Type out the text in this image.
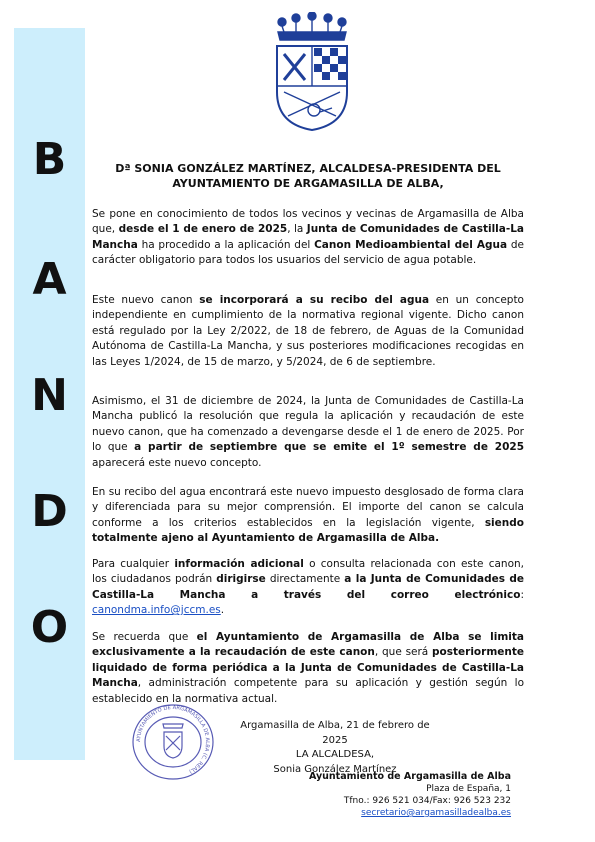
B
A
N
D
O
Dª SONIA GONZÁLEZ MARTÍNEZ, ALCALDESA-PRESIDENTA DEL
AYUNTAMIENTO DE ARGAMASILLA DE ALBA,

Se pone en conocimiento de todos los vecinos y vecinas de Argamasilla de Alba que, desde el 1 de enero de 2025, la Junta de Comunidades de Castilla-La Mancha ha procedido a la aplicación del Canon Medioambiental del Agua de carácter obligatorio para todos los usuarios del servicio de agua potable.

Este nuevo canon se incorporará a su recibo del agua en un concepto independiente en cumplimiento de la normativa regional vigente. Dicho canon está regulado por la Ley 2/2022, de 18 de febrero, de Aguas de la Comunidad Autónoma de Castilla-La Mancha, y sus posteriores modificaciones recogidas en las Leyes 1/2024, de 15 de marzo, y 5/2024, de 6 de septiembre.

Asimismo, el 31 de diciembre de 2024, la Junta de Comunidades de Castilla-La Mancha publicó la resolución que regula la aplicación y recaudación de este nuevo canon, que ha comenzado a devengarse desde el 1 de enero de 2025. Por lo que a partir de septiembre que se emite el 1º semestre de 2025 aparecerá este nuevo concepto.

En su recibo del agua encontrará este nuevo impuesto desglosado de forma clara y diferenciada para su mejor comprensión. El importe del canon se calcula conforme a los criterios establecidos en la legislación vigente, siendo totalmente ajeno al Ayuntamiento de Argamasilla de Alba.

Para cualquier información adicional o consulta relacionada con este canon, los ciudadanos podrán dirigirse directamente a la Junta de Comunidades de Castilla-La Mancha a través del correo electrónico: canondma.info@jccm.es.

Se recuerda que el Ayuntamiento de Argamasilla de Alba se limita exclusivamente a la recaudación de este canon, que será posteriormente liquidado de forma periódica a la Junta de Comunidades de Castilla-La Mancha, administración competente para su aplicación y gestión según lo establecido en la normativa actual.

AYUNTAMIENTO DE ARGAMASILLA DE ALBA (C. REAL)
Argamasilla de Alba, 21 de febrero de 2025
LA ALCALDESA,
Sonia González Martínez
Ayuntamiento de Argamasilla de Alba
Plaza de España, 1
Tfno.: 926 521 034/Fax: 926 523 232
secretario@argamasilladealba.es
